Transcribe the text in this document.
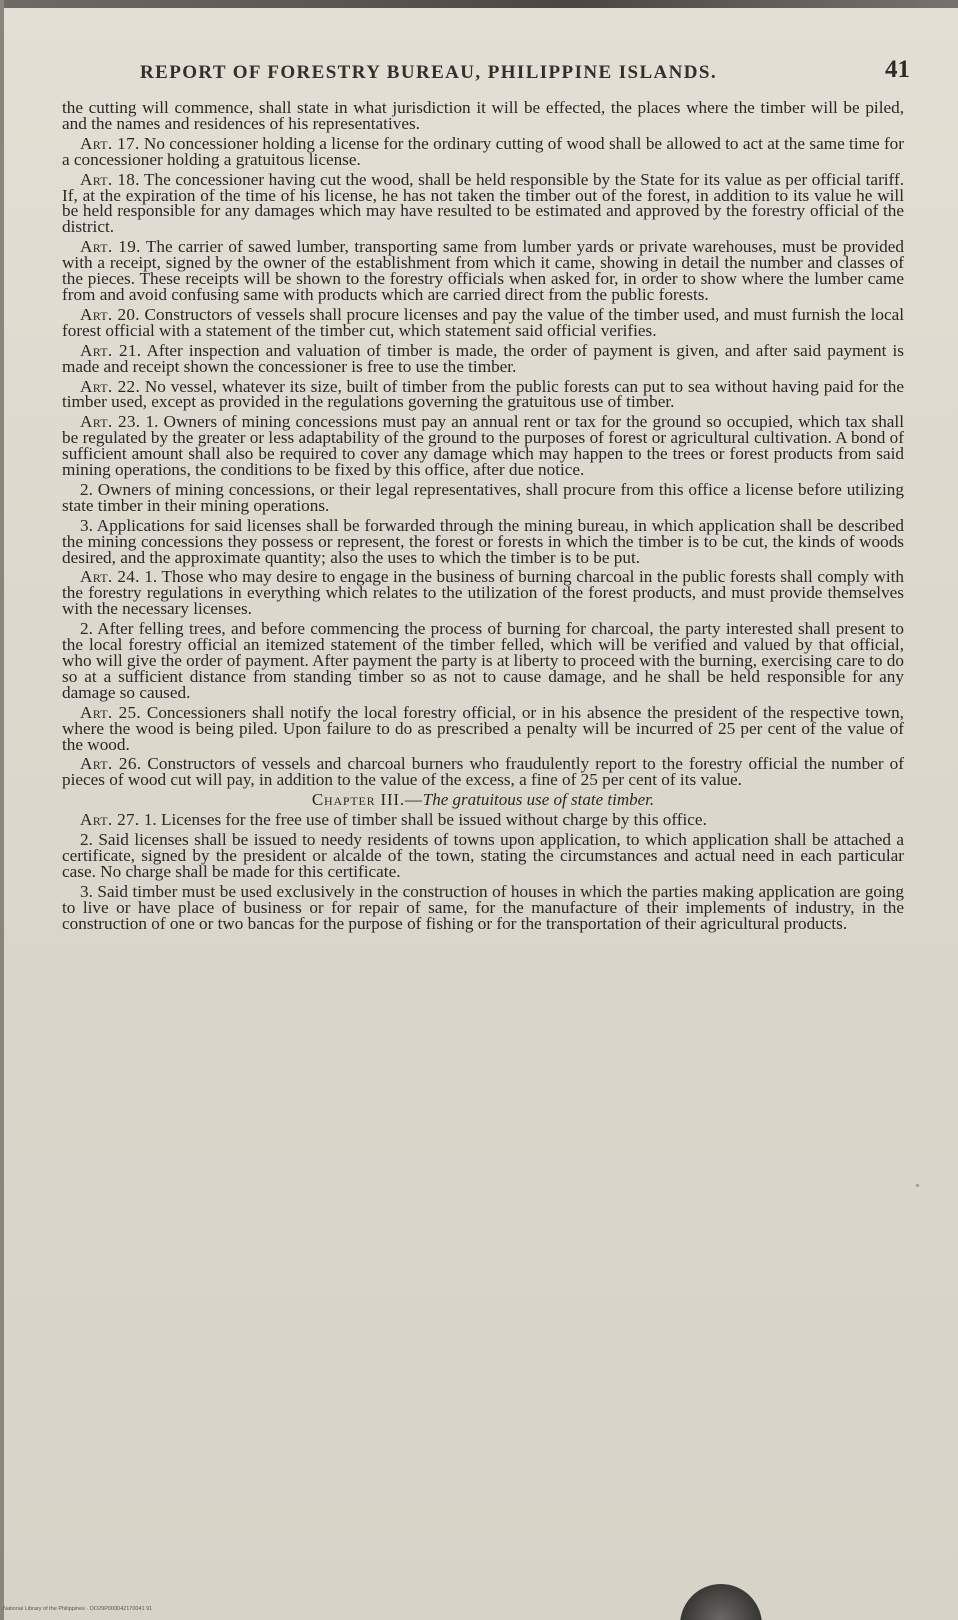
REPORT OF FORESTRY BUREAU, PHILIPPINE ISLANDS.	41

the cutting will commence, shall state in what jurisdiction it will be effected, the places where the timber will be piled, and the names and residences of his representatives.

Art. 17. No concessioner holding a license for the ordinary cutting of wood shall be allowed to act at the same time for a concessioner holding a gratuitous license.

Art. 18. The concessioner having cut the wood, shall be held responsible by the State for its value as per official tariff. If, at the expiration of the time of his license, he has not taken the timber out of the forest, in addition to its value he will be held responsible for any damages which may have resulted to be estimated and approved by the forestry official of the district.

Art. 19. The carrier of sawed lumber, transporting same from lumber yards or private warehouses, must be provided with a receipt, signed by the owner of the establishment from which it came, showing in detail the number and classes of the pieces. These receipts will be shown to the forestry officials when asked for, in order to show where the lumber came from and avoid confusing same with products which are carried direct from the public forests.

Art. 20. Constructors of vessels shall procure licenses and pay the value of the timber used, and must furnish the local forest official with a statement of the timber cut, which statement said official verifies.

Art. 21. After inspection and valuation of timber is made, the order of payment is given, and after said payment is made and receipt shown the concessioner is free to use the timber.

Art. 22. No vessel, whatever its size, built of timber from the public forests can put to sea without having paid for the timber used, except as provided in the regulations governing the gratuitous use of timber.

Art. 23. 1. Owners of mining concessions must pay an annual rent or tax for the ground so occupied, which tax shall be regulated by the greater or less adaptability of the ground to the purposes of forest or agricultural cultivation. A bond of sufficient amount shall also be required to cover any damage which may happen to the trees or forest products from said mining operations, the conditions to be fixed by this office, after due notice.

2. Owners of mining concessions, or their legal representatives, shall procure from this office a license before utilizing state timber in their mining operations.

3. Applications for said licenses shall be forwarded through the mining bureau, in which application shall be described the mining concessions they possess or represent, the forest or forests in which the timber is to be cut, the kinds of woods desired, and the approximate quantity; also the uses to which the timber is to be put.

Art. 24. 1. Those who may desire to engage in the business of burning charcoal in the public forests shall comply with the forestry regulations in everything which relates to the utilization of the forest products, and must provide themselves with the necessary licenses.

2. After felling trees, and before commencing the process of burning for charcoal, the party interested shall present to the local forestry official an itemized statement of the timber felled, which will be verified and valued by that official, who will give the order of payment. After payment the party is at liberty to proceed with the burning, exercising care to do so at a sufficient distance from standing timber so as not to cause damage, and he shall be held responsible for any damage so caused.

Art. 25. Concessioners shall notify the local forestry official, or in his absence the president of the respective town, where the wood is being piled. Upon failure to do as prescribed a penalty will be incurred of 25 per cent of the value of the wood.

Art. 26. Constructors of vessels and charcoal burners who fraudulently report to the forestry official the number of pieces of wood cut will pay, in addition to the value of the excess, a fine of 25 per cent of its value.

Chapter III.—The gratuitous use of state timber.

Art. 27. 1. Licenses for the free use of timber shall be issued without charge by this office.

2. Said licenses shall be issued to needy residents of towns upon application, to which application shall be attached a certificate, signed by the president or alcalde of the town, stating the circumstances and actual need in each particular case. No charge shall be made for this certificate.

3. Said timber must be used exclusively in the construction of houses in which the parties making application are going to live or have place of business or for repair of same, for the manufacture of their implements of industry, in the construction of one or two bancas for the purpose of fishing or for the transportation of their agricultural products.

National Library of the Philippines · DO29P000042170041 91
